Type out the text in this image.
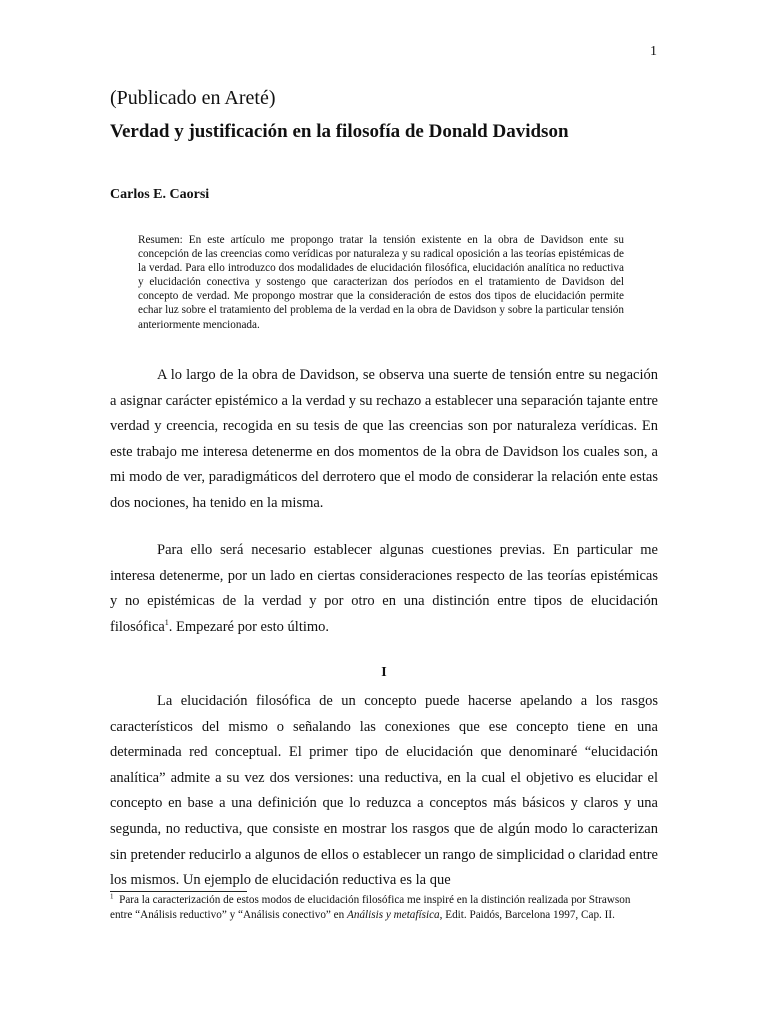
1
(Publicado en Areté)
Verdad y justificación en la filosofía de Donald Davidson
Carlos E. Caorsi

Resumen: En este artículo me propongo tratar la tensión existente en la obra de Davidson ente su concepción de las creencias como verídicas por naturaleza y su radical oposición a las teorías epistémicas de la verdad. Para ello introduzco dos modalidades de elucidación filosófica, elucidación analítica no reductiva y elucidación conectiva y sostengo que caracterizan dos períodos en el tratamiento de Davidson del concepto de verdad. Me propongo mostrar que la consideración de estos dos tipos de elucidación permite echar luz sobre el tratamiento del problema de la verdad en la obra de Davidson y sobre la particular tensión anteriormente mencionada.

A lo largo de la obra de Davidson, se observa una suerte de tensión entre su negación a asignar carácter epistémico a la verdad y su rechazo a establecer una separación tajante entre verdad y creencia, recogida en su tesis de que las creencias son por naturaleza verídicas. En este trabajo me interesa detenerme en dos momentos de la obra de Davidson los cuales son, a mi modo de ver, paradigmáticos del derrotero que el modo de considerar la relación ente estas dos nociones, ha tenido en la misma.

Para ello será necesario establecer algunas cuestiones previas. En particular me interesa detenerme, por un lado en ciertas consideraciones respecto de las teorías epistémicas y no epistémicas de la verdad y por otro en una distinción entre tipos de elucidación filosófica$^1$. Empezaré por esto último.

I

La elucidación filosófica de un concepto puede hacerse apelando a los rasgos característicos del mismo o señalando las conexiones que ese concepto tiene en una determinada red conceptual. El primer tipo de elucidación que denominaré “elucidación analítica” admite a su vez dos versiones: una reductiva, en la cual el objetivo es elucidar el concepto en base a una definición que lo reduzca a conceptos más básicos y claros y una segunda, no reductiva, que consiste en mostrar los rasgos que de algún modo lo caracterizan sin pretender reducirlo a algunos de ellos o establecer un rango de simplicidad o claridad entre los mismos. Un ejemplo de elucidación reductiva es la que

$^1$ Para la caracterización de estos modos de elucidación filosófica me inspiré en la distinción realizada por Strawson entre “Análisis reductivo” y “Análisis conectivo” en Análisis y metafísica, Edit. Paidós, Barcelona 1997, Cap. II.
